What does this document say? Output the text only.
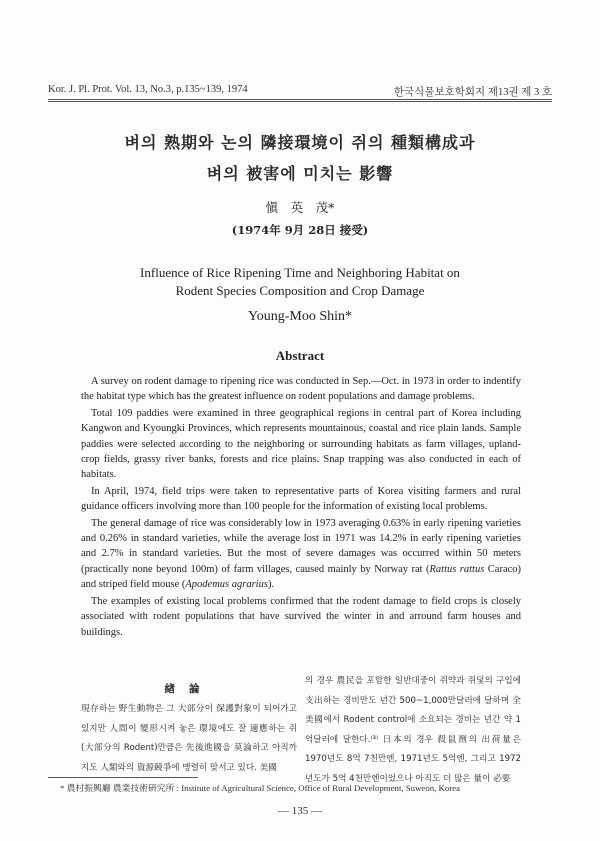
Kor. J. Pl. Prot. Vol. 13, No.3, p.135~139, 1974	한국식물보호학회지 제13권 제 3 호
벼의 熟期와 논의 隣接環境이 쥐의 種類構成과
벼의 被害에 미치는 影響
愼　英　茂*
(1974年 9月 28日 接受)
Influence of Rice Ripening Time and Neighboring Habitat on
Rodent Species Composition and Crop Damage
Young-Moo Shin*
Abstract

A survey on rodent damage to ripening rice was conducted in Sep.—Oct. in 1973 in order to indentify the habitat type which has the greatest influence on rodent populations and damage problems.

Total 109 paddies were examined in three geographical regions in central part of Korea including Kangwon and Kyoungki Provinces, which represents mountainous, coastal and rice plain lands. Sample paddies were selected according to the neighboring or surrounding habitats as farm villages, upland-crop fields, grassy river banks, forests and rice plains. Snap trapping was also conducted in each of habitats.

In April, 1974, field trips were taken to representative parts of Korea visiting farmers and rural guidance officers involving more than 100 people for the information of existing local problems.

The general damage of rice was considerably low in 1973 averaging 0.63% in early ripening varieties and 0.26% in standard varieties, while the average lost in 1971 was 14.2% in early ripening varieties and 2.7% in standard varieties. But the most of severe damages was occurred within 50 meters (practically none beyond 100m) of farm villages, caused mainly by Norway rat (Rattus rattus Caraco) and striped field mouse (Apodemus agrarius).

The examples of existing local problems confirmed that the rodent damage to field crops is closely associated with rodent populations that have survived the winter in and arround farm houses and buildings.

緖論
現存하는 野生動物은 그 大部分이 保護對象이 되어가고 있지만 人間이 變形시켜 놓은 環境에도 잘 適應하는 쥐(大部分의 Rodent)만큼은 先後進國을 莫論하고 아직까지도 人類와의 資源競爭에 맹렬히 맞서고 있다. 美國
의 경우 農民을 포함한 일반대중이 쥐약과 쥐덫의 구입에 支出하는 경비만도 년간 500~1,000만달러에 달하며 全美國에서 Rodent control에 소요되는 경비는 년간 약 1억달러에 달한다.⁽³⁾ 日本의 경우 殺鼠劑의 出荷量은 1970년도 8억 7천만엔, 1971년도 5억엔, 그리고 1972년도가 5억 4천만엔이었으나 아직도 더 많은 量이 必要
* 農村振興廳 農業技術硏究所 : Institute of Agricultural Science, Office of Rural Development, Suweon, Korea
— 135 —
